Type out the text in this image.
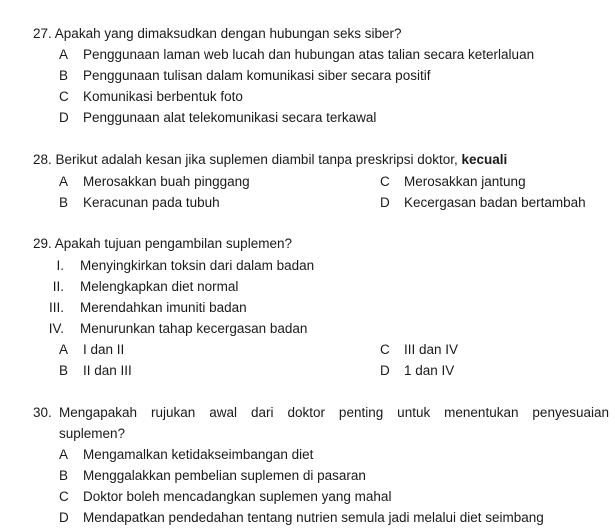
27. Apakah yang dimaksudkan dengan hubungan seks siber?
A Penggunaan laman web lucah dan hubungan atas talian secara keterlaluan
B Penggunaan tulisan dalam komunikasi siber secara positif
C Komunikasi berbentuk foto
D Penggunaan alat telekomunikasi secara terkawal
28. Berikut adalah kesan jika suplemen diambil tanpa preskripsi doktor, kecuali
A Merosakkan buah pinggang
B Keracunan pada tubuh
C Merosakkan jantung
D Kecergasan badan bertambah
29. Apakah tujuan pengambilan suplemen?
I. Menyingkirkan toksin dari dalam badan
II. Melengkapkan diet normal
III. Merendahkan imuniti badan
IV. Menurunkan tahap kecergasan badan
A I dan II
B II dan III
C III dan IV
D 1 dan IV
30. Mengapakah rujukan awal dari doktor penting untuk menentukan penyesuaian
suplemen?
A Mengamalkan ketidakseimbangan diet
B Menggalakkan pembelian suplemen di pasaran
C Doktor boleh mencadangkan suplemen yang mahal
D Mendapatkan pendedahan tentang nutrien semula jadi melalui diet seimbang
